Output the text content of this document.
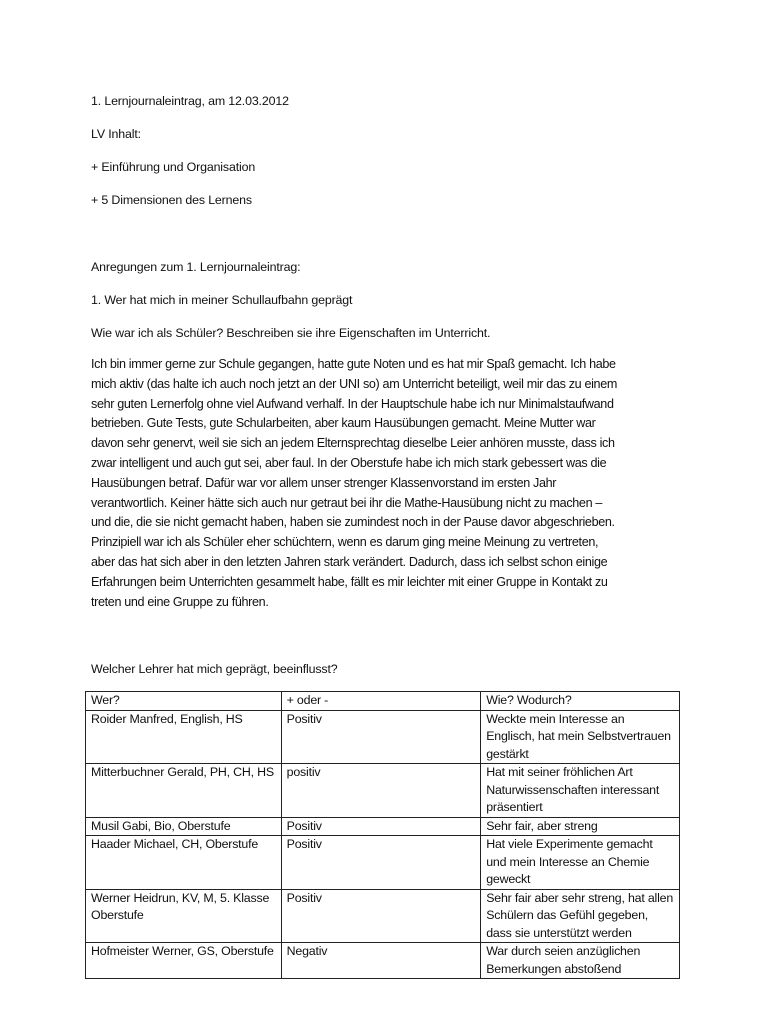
1. Lernjournaleintrag, am 12.03.2012

LV Inhalt:

+ Einführung und Organisation

+ 5 Dimensionen des Lernens

Anregungen zum 1. Lernjournaleintrag:

1. Wer hat mich in meiner Schullaufbahn geprägt

Wie war ich als Schüler? Beschreiben sie ihre Eigenschaften im Unterricht.

Ich bin immer gerne zur Schule gegangen, hatte gute Noten und es hat mir Spaß gemacht. Ich habe
mich aktiv (das halte ich auch noch jetzt an der UNI so) am Unterricht beteiligt, weil mir das zu einem
sehr guten Lernerfolg ohne viel Aufwand verhalf. In der Hauptschule habe ich nur Minimalstaufwand
betrieben. Gute Tests, gute Schularbeiten, aber kaum Hausübungen gemacht. Meine Mutter war
davon sehr genervt, weil sie sich an jedem Elternsprechtag dieselbe Leier anhören musste, dass ich
zwar intelligent und auch gut sei, aber faul. In der Oberstufe habe ich mich stark gebessert was die
Hausübungen betraf. Dafür war vor allem unser strenger Klassenvorstand im ersten Jahr
verantwortlich. Keiner hätte sich auch nur getraut bei ihr die Mathe-Hausübung nicht zu machen –
und die, die sie nicht gemacht haben, haben sie zumindest noch in der Pause davor abgeschrieben.
Prinzipiell war ich als Schüler eher schüchtern, wenn es darum ging meine Meinung zu vertreten,
aber das hat sich aber in den letzten Jahren stark verändert. Dadurch, dass ich selbst schon einige
Erfahrungen beim Unterrichten gesammelt habe, fällt es mir leichter mit einer Gruppe in Kontakt zu
treten und eine Gruppe zu führen.

Welcher Lehrer hat mich geprägt, beeinflusst?

Wer?	+ oder -	Wie? Wodurch?
Roider Manfred, English, HS	Positiv	Weckte mein Interesse an Englisch, hat mein Selbstvertrauen gestärkt
Mitterbuchner Gerald, PH, CH, HS	positiv	Hat mit seiner fröhlichen Art Naturwissenschaften interessant präsentiert
Musil Gabi, Bio, Oberstufe	Positiv	Sehr fair, aber streng
Haader Michael, CH, Oberstufe	Positiv	Hat viele Experimente gemacht und mein Interesse an Chemie geweckt
Werner Heidrun, KV, M, 5. Klasse Oberstufe	Positiv	Sehr fair aber sehr streng, hat allen Schülern das Gefühl gegeben, dass sie unterstützt werden
Hofmeister Werner, GS, Oberstufe	Negativ	War durch seien anzüglichen Bemerkungen abstoßend
